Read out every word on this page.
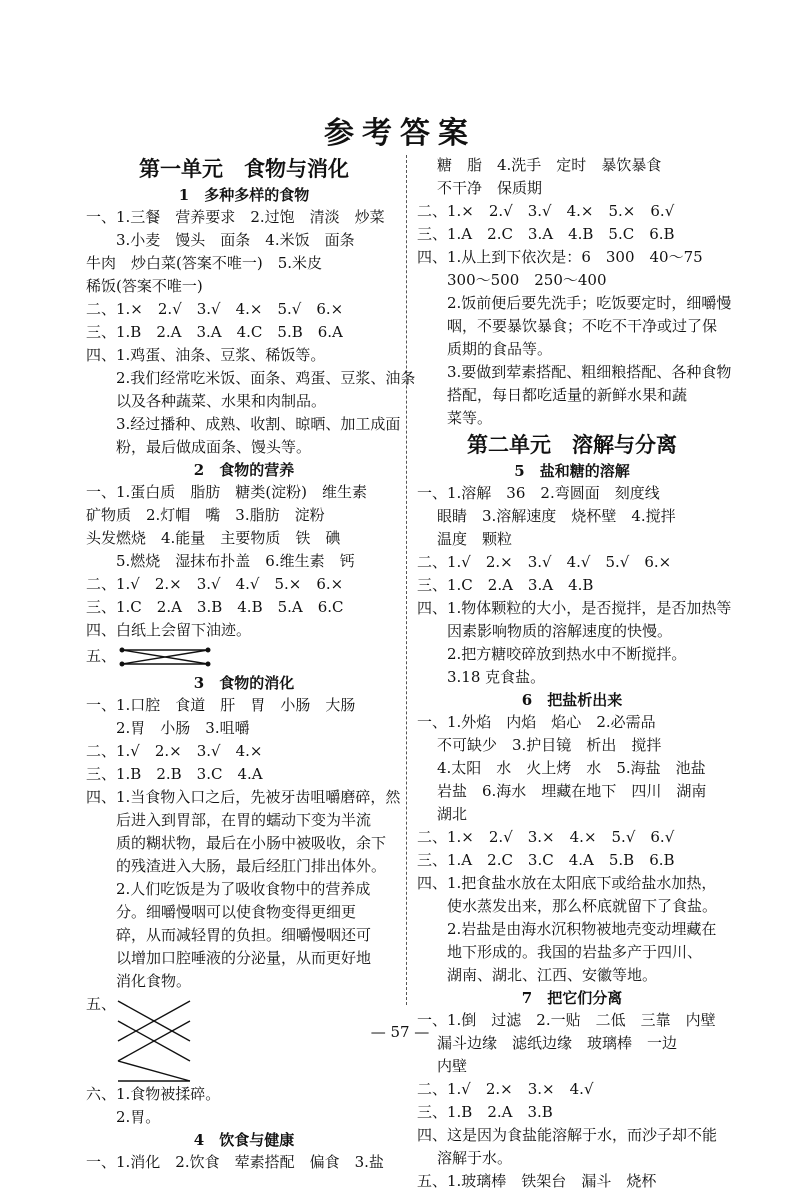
参考答案
第一单元　食物与消化
1　多种多样的食物
一、1.三餐　营养要求　2.过饱　清淡　炒菜
3.小麦　馒头　面条　4.米饭　面条
牛肉　炒白菜(答案不唯一)　5.米皮
稀饭(答案不唯一)
二、1.×　2.√　3.√　4.×　5.√　6.×
三、1.B　2.A　3.A　4.C　5.B　6.A
四、1.鸡蛋、油条、豆浆、稀饭等。
2.我们经常吃米饭、面条、鸡蛋、豆浆、油条
以及各种蔬菜、水果和肉制品。
3.经过播种、成熟、收割、晾晒、加工成面
粉，最后做成面条、馒头等。
2　食物的营养
一、1.蛋白质　脂肪　糖类(淀粉)　维生素
矿物质　2.灯帽　嘴　3.脂肪　淀粉
头发燃烧　4.能量　主要物质　铁　碘
5.燃烧　湿抹布扑盖　6.维生素　钙
二、1.√　2.×　3.√　4.√　5.×　6.×
三、1.C　2.A　3.B　4.B　5.A　6.C
四、白纸上会留下油迹。
五、
3　食物的消化
一、1.口腔　食道　肝　胃　小肠　大肠
2.胃　小肠　3.咀嚼
二、1.√　2.×　3.√　4.×
三、1.B　2.B　3.C　4.A
四、1.当食物入口之后，先被牙齿咀嚼磨碎，然
后进入到胃部，在胃的蠕动下变为半流
质的糊状物，最后在小肠中被吸收，余下
的残渣进入大肠，最后经肛门排出体外。
2.人们吃饭是为了吸收食物中的营养成
分。细嚼慢咽可以使食物变得更细更
碎，从而减轻胃的负担。细嚼慢咽还可
以增加口腔唾液的分泌量，从而更好地
消化食物。
五、
六、1.食物被揉碎。
2.胃。
4　饮食与健康
一、1.消化　2.饮食　荤素搭配　偏食　3.盐
糖　脂　4.洗手　定时　暴饮暴食
不干净　保质期
二、1.×　2.√　3.√　4.×　5.×　6.√
三、1.A　2.C　3.A　4.B　5.C　6.B
四、1.从上到下依次是：6　300　40～75
300～500　250～400
2.饭前便后要先洗手；吃饭要定时，细嚼慢
咽，不要暴饮暴食；不吃不干净或过了保
质期的食品等。
3.要做到荤素搭配、粗细粮搭配、各种食物
搭配，每日都吃适量的新鲜水果和蔬
菜等。
第二单元　溶解与分离
5　盐和糖的溶解
一、1.溶解　36　2.弯圆面　刻度线
眼睛　3.溶解速度　烧杯壁　4.搅拌
温度　颗粒
二、1.√　2.×　3.√　4.√　5.√　6.×
三、1.C　2.A　3.A　4.B
四、1.物体颗粒的大小，是否搅拌，是否加热等
因素影响物质的溶解速度的快慢。
2.把方糖咬碎放到热水中不断搅拌。
3.18 克食盐。
6　把盐析出来
一、1.外焰　内焰　焰心　2.必需品
不可缺少　3.护目镜　析出　搅拌
4.太阳　水　火上烤　水　5.海盐　池盐
岩盐　6.海水　埋藏在地下　四川　湖南
湖北
二、1.×　2.√　3.×　4.×　5.√　6.√
三、1.A　2.C　3.C　4.A　5.B　6.B
四、1.把食盐水放在太阳底下或给盐水加热，
使水蒸发出来，那么杯底就留下了食盐。
2.岩盐是由海水沉积物被地壳变动埋藏在
地下形成的。我国的岩盐多产于四川、
湖南、湖北、江西、安徽等地。
7　把它们分离
一、1.倒　过滤　2.一贴　二低　三靠　内壁
漏斗边缘　滤纸边缘　玻璃棒　一边
内壁
二、1.√　2.×　3.×　4.√
三、1.B　2.A　3.B
四、这是因为食盐能溶解于水，而沙子却不能
溶解于水。
五、1.玻璃棒　铁架台　漏斗　烧杯
— 57 —
